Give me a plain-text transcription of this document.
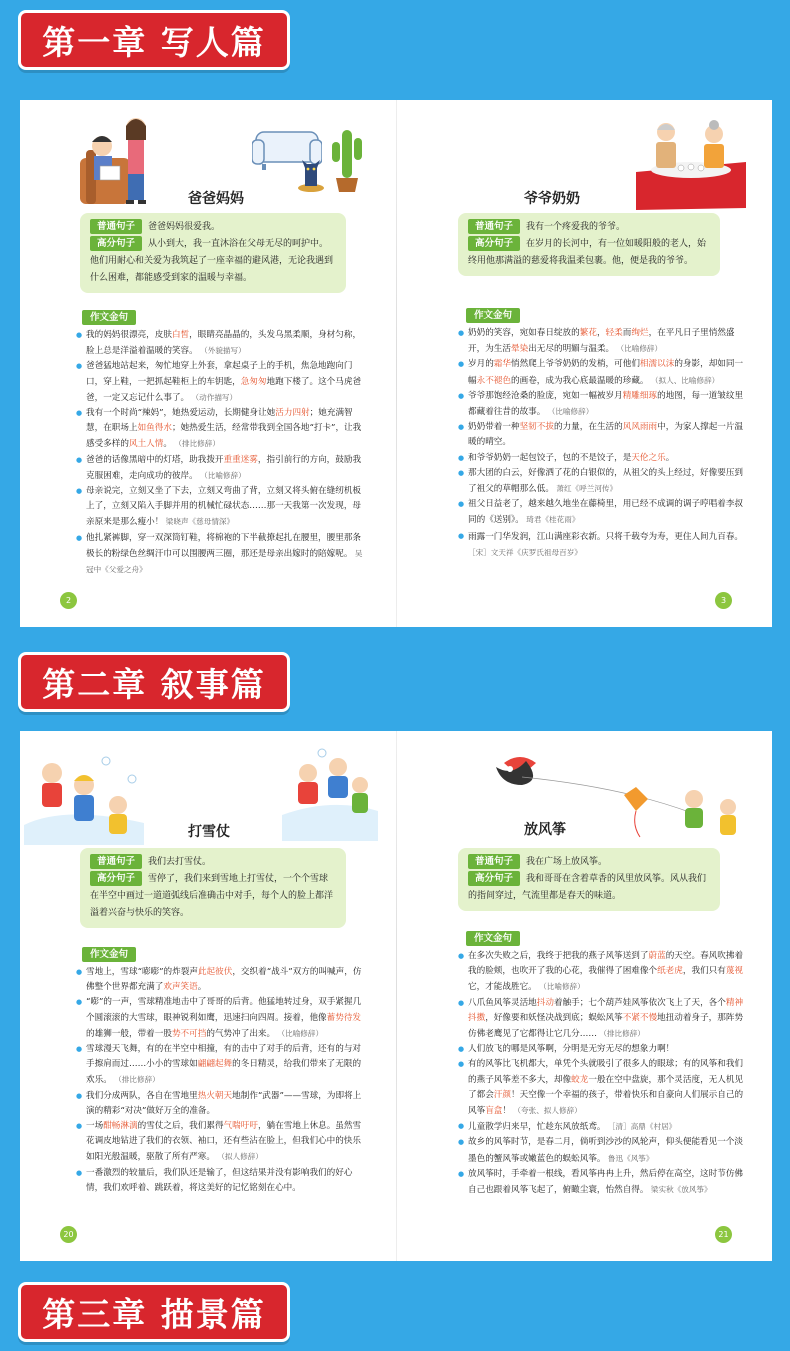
第一章 写人篇
第二章 叙事篇
第三章 描景篇
爸爸妈妈
普通句子 爸爸妈妈很爱我。
高分句子 从小到大，我一直沐浴在父母无尽的呵护中。他们用耐心和关爱为我筑起了一座幸福的避风港，无论我遇到什么困难，都能感受到家的温暖与幸福。
作文金句
● 我的妈妈很漂亮，皮肤白皙，眼睛亮晶晶的，头发乌黑柔顺，身材匀称，脸上总是洋溢着温暖的笑容。 （外貌描写）
● 爸爸猛地站起来，匆忙地穿上外套，拿起桌子上的手机，焦急地跑向门口，穿上鞋，一把抓起鞋柜上的车钥匙，急匆匆地跑下楼了。这个马虎爸爸，一定又忘记什么事了。 （动作描写）
● 我有一个时尚“辣妈”，她热爱运动，长期健身让她活力四射；她充满智慧，在职场上如鱼得水；她热爱生活，经常带我到全国各地“打卡”，让我感受多样的风土人情。 （排比修辞）
● 爸爸的话像黑暗中的灯塔，助我拨开重重迷雾，指引前行的方向，鼓励我克服困难，走向成功的彼岸。 （比喻修辞）
● 母亲说完，立刻又坐了下去，立刻又弯曲了背，立刻又将头俯在缝纫机板上了，立刻又陷入手脚并用的机械忙碌状态……那一天我第一次发现，母亲原来是那么瘦小！ 梁晓声《慈母情深》
● 他扎紧裤脚，穿一双深筒钉鞋，将棉袍的下半截撩起扎在腰里，腰里那条极长的粉绿色丝绸汗巾可以围腰两三圈，那还是母亲出嫁时的陪嫁呢。 吴冠中《父爱之舟》
2
爷爷奶奶
普通句子 我有一个疼爱我的爷爷。
高分句子 在岁月的长河中，有一位如暖阳般的老人，始终用他那满溢的慈爱将我温柔包裹。他，便是我的爷爷。
作文金句
● 奶奶的笑容，宛如春日绽放的繁花，轻柔而绚烂，在平凡日子里悄然盛开，为生活晕染出无尽的明媚与温柔。 （比喻修辞）
● 岁月的霜华悄然爬上爷爷奶奶的发梢，可他们相濡以沫的身影，却如同一幅永不褪色的画卷，成为我心底最温暖的珍藏。 （拟人、比喻修辞）
● 爷爷那饱经沧桑的脸庞，宛如一幅被岁月精雕细琢的地图，每一道皱纹里都藏着往昔的故事。 （比喻修辞）
● 奶奶带着一种坚韧不拔的力量，在生活的风风雨雨中，为家人撑起一片温暖的晴空。
● 和爷爷奶奶一起包饺子，包的不是饺子，是天伦之乐。
● 那大团的白云，好像洒了花的白银似的，从祖父的头上经过，好像要压到了祖父的草帽那么低。 萧红《呼兰河传》
● 祖父日益老了，越来越久地坐在藤椅里，用已经不成调的调子哼唱着李叔同的《送别》。 琦君《桂花雨》
● 雨露一门华发润，江山满座彩衣新。只将千载夸为寿，更住人间九百春。 ［宋］文天祥《庆罗氏祖母百岁》
3
打雪仗
普通句子 我们去打雪仗。
高分句子 雪停了，我们来到雪地上打雪仗，一个个雪球在半空中画过一道道弧线后准确击中对手，每个人的脸上都洋溢着兴奋与快乐的笑容。
作文金句
● 雪地上，雪球“嘭嘭”的炸裂声此起彼伏，交织着“战斗”双方的叫喊声，仿佛整个世界都充满了欢声笑语。
● “嘭”的一声，雪球精准地击中了哥哥的后背。他猛地转过身，双手紧握几个圆滚滚的大雪球，眼神锐利如鹰，迅速扫向四周。接着，他像蓄势待发的雄狮一般，带着一股势不可挡的气势冲了出来。 （比喻修辞）
● 雪球漫天飞舞，有的在半空中相撞，有的击中了对手的后背，还有的与对手擦肩而过……小小的雪球如翩翩起舞的冬日精灵，给我们带来了无限的欢乐。 （排比修辞）
● 我们分成两队，各自在雪地里热火朝天地制作“武器”——雪球，为即将上演的精彩“对决”做好万全的准备。
● 一场酣畅淋漓的雪仗之后，我们累得气喘吁吁，躺在雪地上休息。虽然雪花调皮地钻进了我们的衣领、袖口，还有些沾在脸上，但我们心中的快乐如阳光般温暖，驱散了所有严寒。 （拟人修辞）
● 一番激烈的较量后，我们队还是输了，但这结果并没有影响我们的好心情，我们欢呼着、跳跃着，将这美好的记忆铭刻在心中。
20
放风筝
普通句子 我在广场上放风筝。
高分句子 我和哥哥在含着草香的风里放风筝。风从我们的指间穿过，气流里都是春天的味道。
作文金句
● 在多次失败之后，我终于把我的燕子风筝送到了蔚蓝的天空。春风吹拂着我的脸颊，也吹开了我的心花，我催得了困难像个纸老虎，我们只有蔑视它，才能战胜它。 （比喻修辞）
● 八爪鱼风筝灵活地抖动着触手；七个葫芦娃风筝依次飞上了天，各个精神抖擞，好像要和妖怪决战到底；蜈蚣风筝不紧不慢地扭动着身子，那阵势仿佛老鹰见了它都得让它几分…… （排比修辞）
● 人们放飞的哪是风筝啊，分明是无穷无尽的想象力啊！
● 有的风筝比飞机都大，单凭个头就吸引了很多人的眼球；有的风筝和我们的燕子风筝差不多大，却像蛟龙一般在空中盘旋，那个灵活度，无人机见了都会汗颜！天空像一个幸福的孩子，带着快乐和自豪向人们展示自己的风筝盲盒！ （夸张、拟人修辞）
● 儿童散学归来早，忙趁东风放纸鸢。 ［清］高鼎《村居》
● 故乡的风筝时节，是春二月，倘听到沙沙的风轮声，仰头便能看见一个淡墨色的蟹风筝或嫩蓝色的蜈蚣风筝。 鲁迅《风筝》
● 放风筝时，手牵着一根线，看风筝冉冉上升，然后停在高空，这时节仿佛自己也跟着风筝飞起了，俯瞰尘寰，怡然自得。 梁实秋《放风筝》
21
